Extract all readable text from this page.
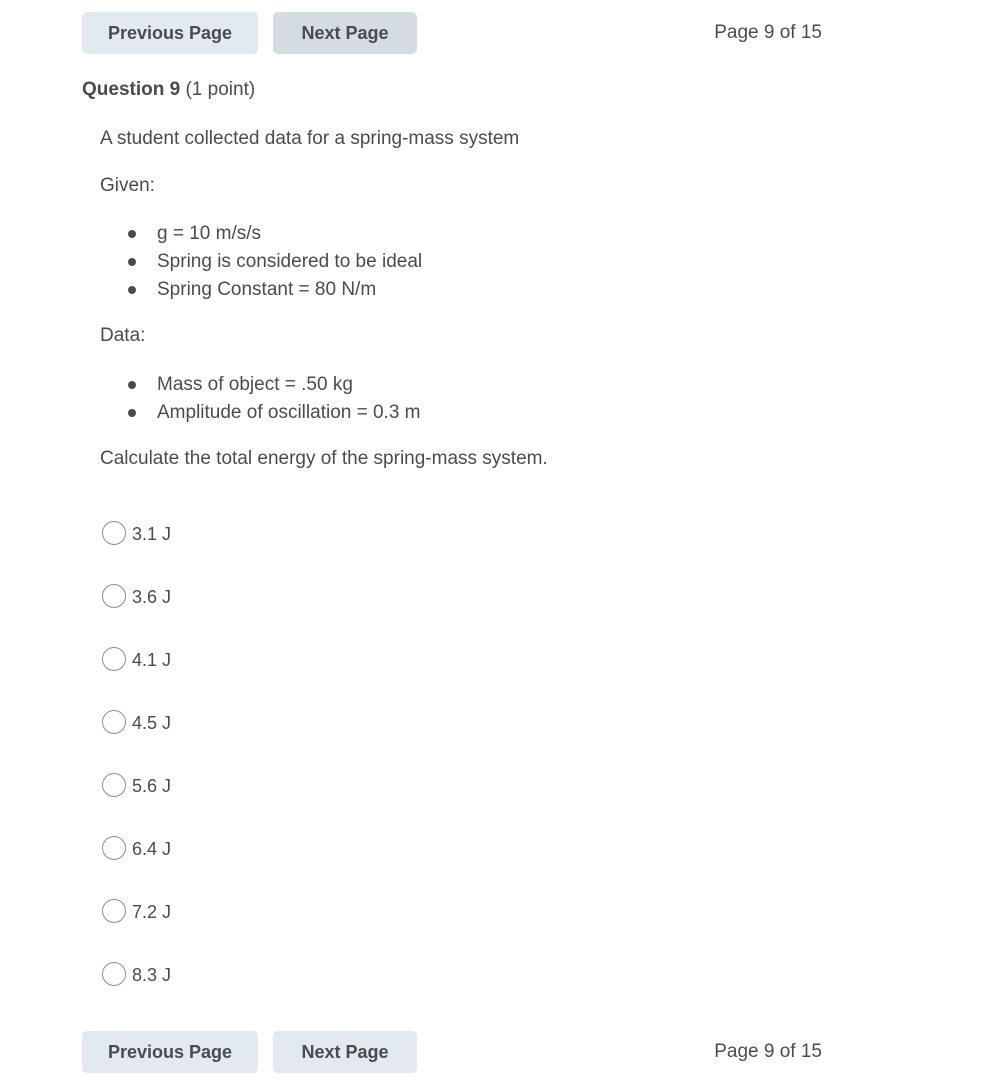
Previous Page	Next Page	Page 9 of 15
Question 9 (1 point)
A student collected data for a spring-mass system
Given:
g = 10 m/s/s
Spring is considered to be ideal
Spring Constant = 80 N/m
Data:
Mass of object = .50 kg
Amplitude of oscillation = 0.3 m
Calculate the total energy of the spring-mass system.
3.1 J
3.6 J
4.1 J
4.5 J
5.6 J
6.4 J
7.2 J
8.3 J
Previous Page	Next Page	Page 9 of 15
